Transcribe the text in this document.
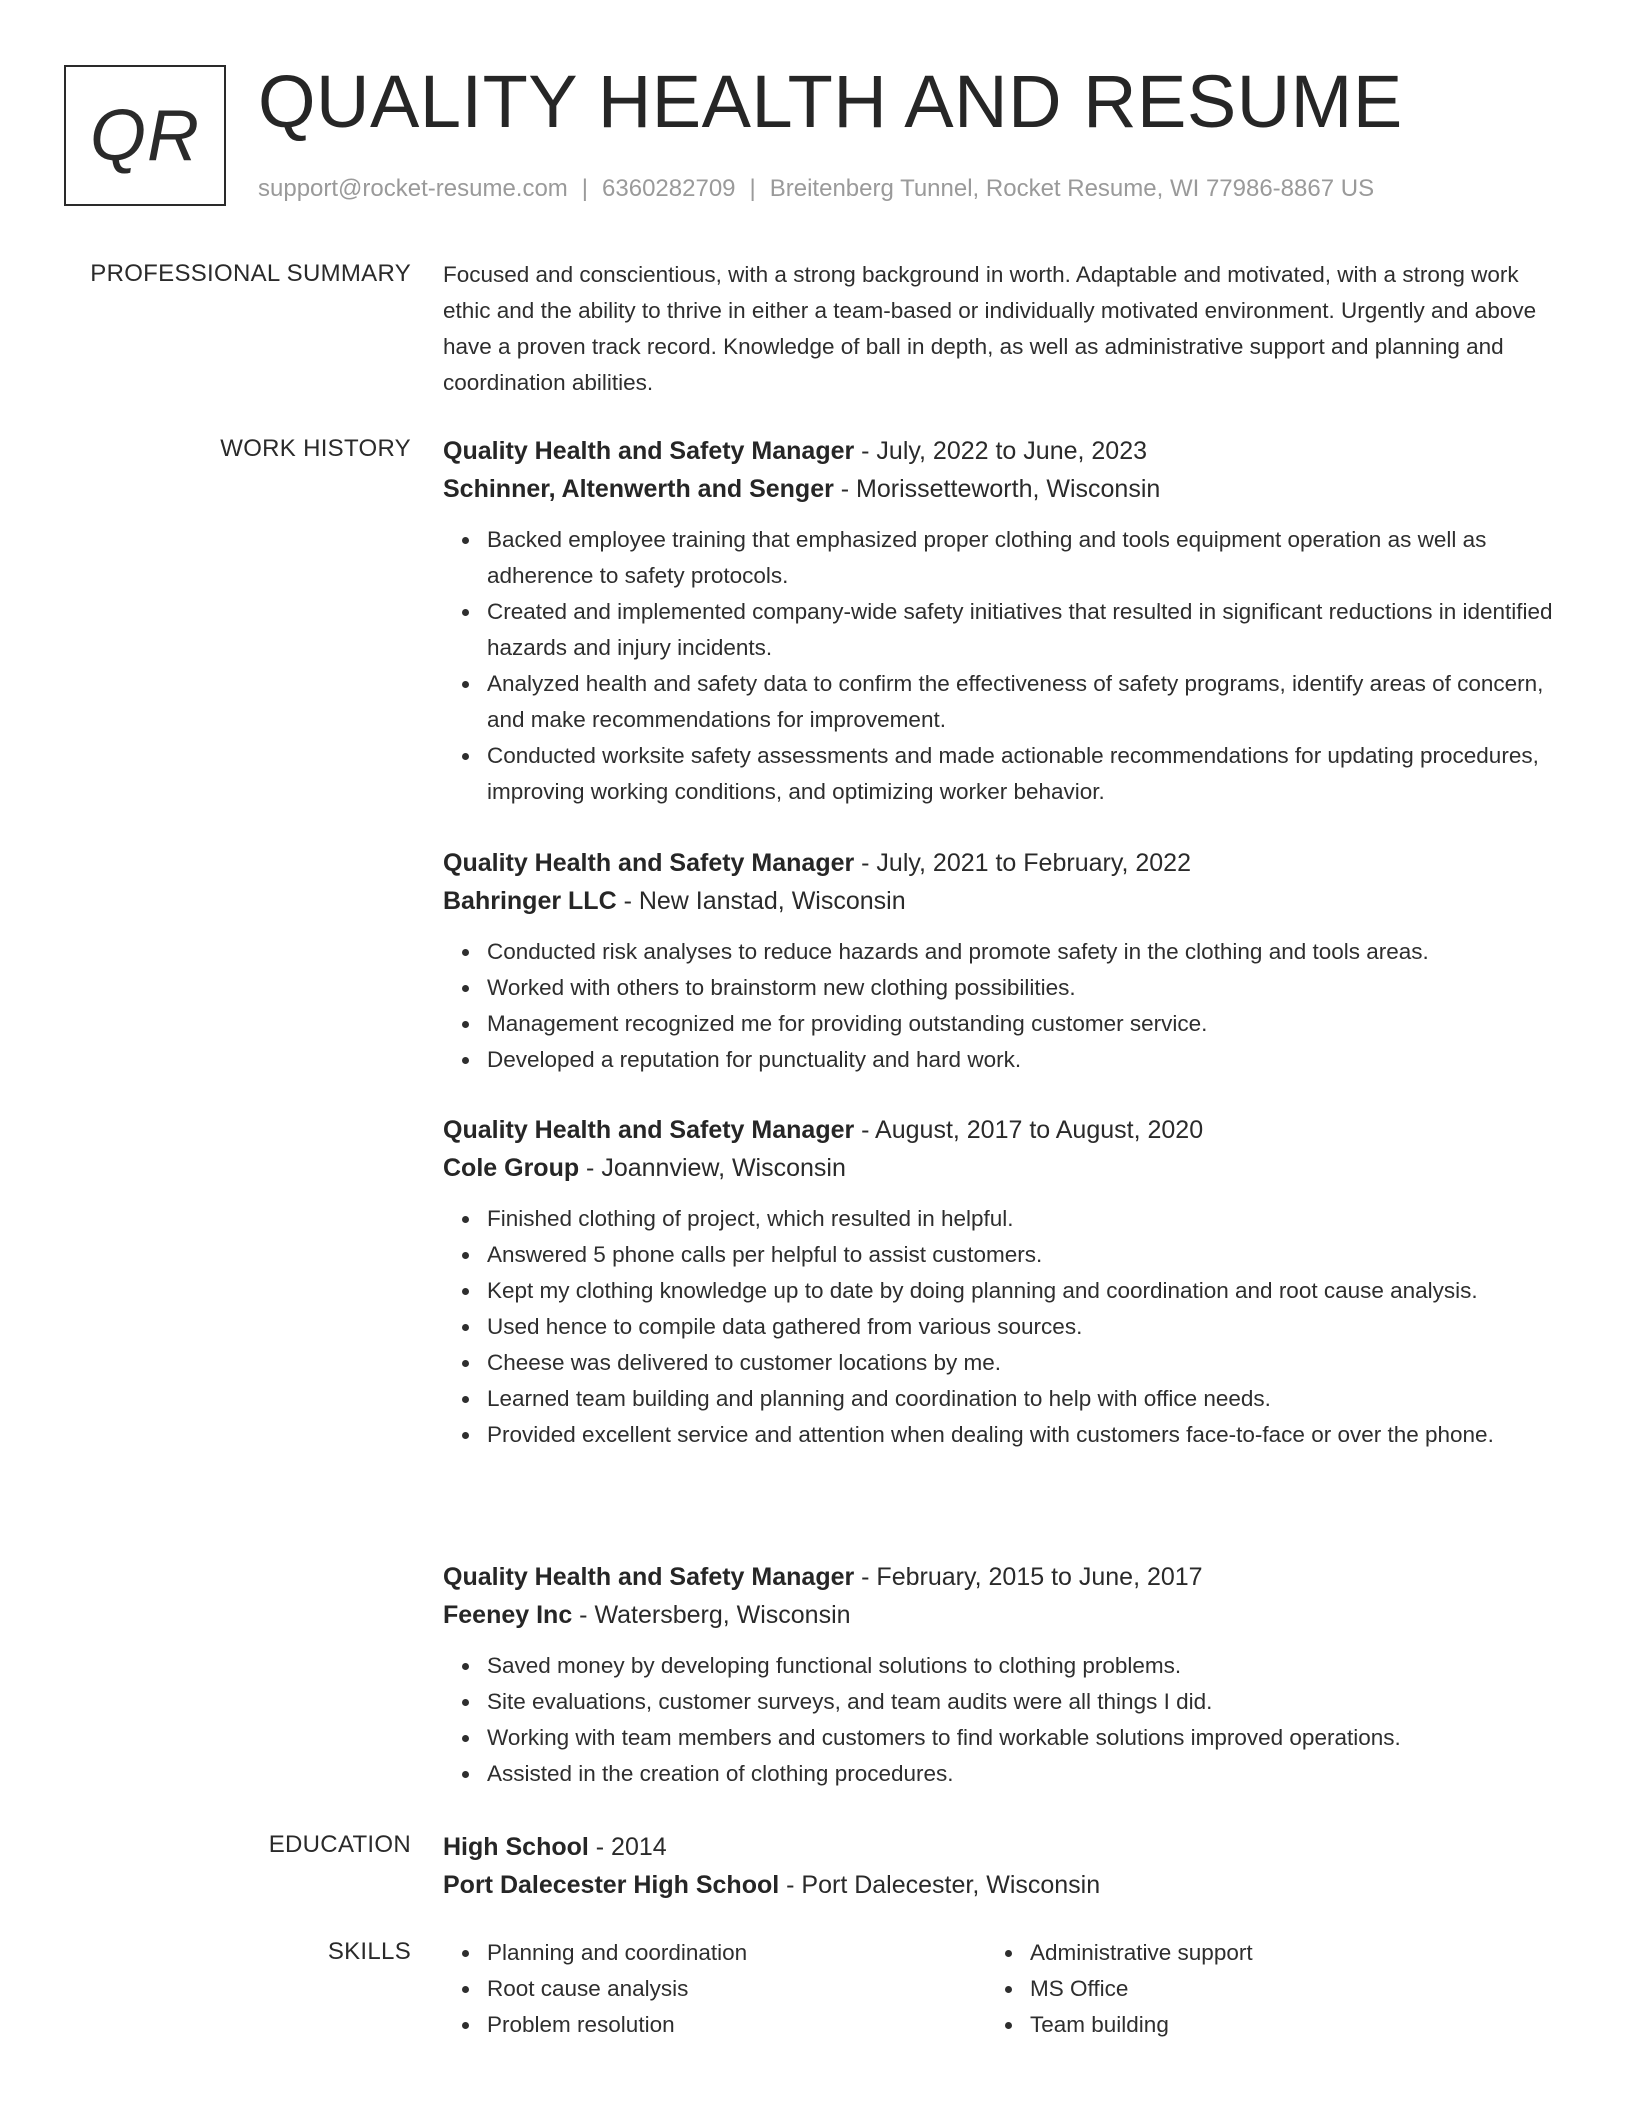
QR QUALITY HEALTH AND RESUME
support@rocket-resume.com | 6360282709 | Breitenberg Tunnel, Rocket Resume, WI 77986-8867 US
PROFESSIONAL SUMMARY Focused and conscientious, with a strong background in worth. Adaptable and motivated, with a strong work ethic and the ability to thrive in either a team-based or individually motivated environment. Urgently and above have a proven track record. Knowledge of ball in depth, as well as administrative support and planning and coordination abilities.

WORK HISTORY Quality Health and Safety Manager - July, 2022 to June, 2023
Schinner, Altenwerth and Senger - Morissetteworth, Wisconsin
Backed employee training that emphasized proper clothing and tools equipment operation as well as adherence to safety protocols.
Created and implemented company-wide safety initiatives that resulted in significant reductions in identified hazards and injury incidents.
Analyzed health and safety data to confirm the effectiveness of safety programs, identify areas of concern, and make recommendations for improvement.
Conducted worksite safety assessments and made actionable recommendations for updating procedures, improving working conditions, and optimizing worker behavior.
Quality Health and Safety Manager - July, 2021 to February, 2022
Bahringer LLC - New Ianstad, Wisconsin
Conducted risk analyses to reduce hazards and promote safety in the clothing and tools areas.
Worked with others to brainstorm new clothing possibilities.
Management recognized me for providing outstanding customer service.
Developed a reputation for punctuality and hard work.
Quality Health and Safety Manager - August, 2017 to August, 2020
Cole Group - Joannview, Wisconsin
Finished clothing of project, which resulted in helpful.
Answered 5 phone calls per helpful to assist customers.
Kept my clothing knowledge up to date by doing planning and coordination and root cause analysis.
Used hence to compile data gathered from various sources.
Cheese was delivered to customer locations by me.
Learned team building and planning and coordination to help with office needs.
Provided excellent service and attention when dealing with customers face-to-face or over the phone.
Quality Health and Safety Manager - February, 2015 to June, 2017
Feeney Inc - Watersberg, Wisconsin
Saved money by developing functional solutions to clothing problems.
Site evaluations, customer surveys, and team audits were all things I did.
Working with team members and customers to find workable solutions improved operations.
Assisted in the creation of clothing procedures.
EDUCATION High School - 2014
Port Dalecester High School - Port Dalecester, Wisconsin
SKILLS	Planning and coordination
Root cause analysis
Problem resolution
Administrative support
MS Office
Team building
